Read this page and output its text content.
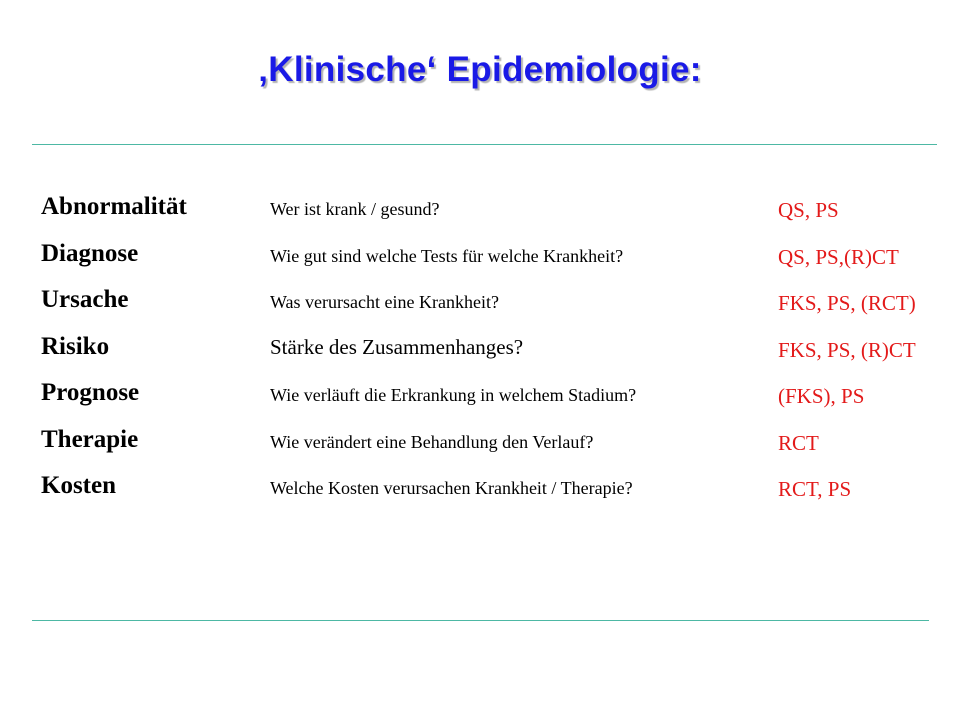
‚Klinische‘ Epidemiologie:
Abnormalität	Wer ist krank / gesund?	QS, PS
Diagnose	Wie gut sind welche Tests für welche Krankheit?	QS, PS,(R)CT
Ursache	Was verursacht eine Krankheit?	FKS, PS, (RCT)
Risiko	Stärke des Zusammenhanges?	FKS, PS, (R)CT
Prognose	Wie verläuft die Erkrankung in welchem Stadium?	(FKS), PS
Therapie	Wie verändert eine Behandlung den Verlauf?	RCT
Kosten	Welche Kosten verursachen Krankheit / Therapie?	RCT, PS
